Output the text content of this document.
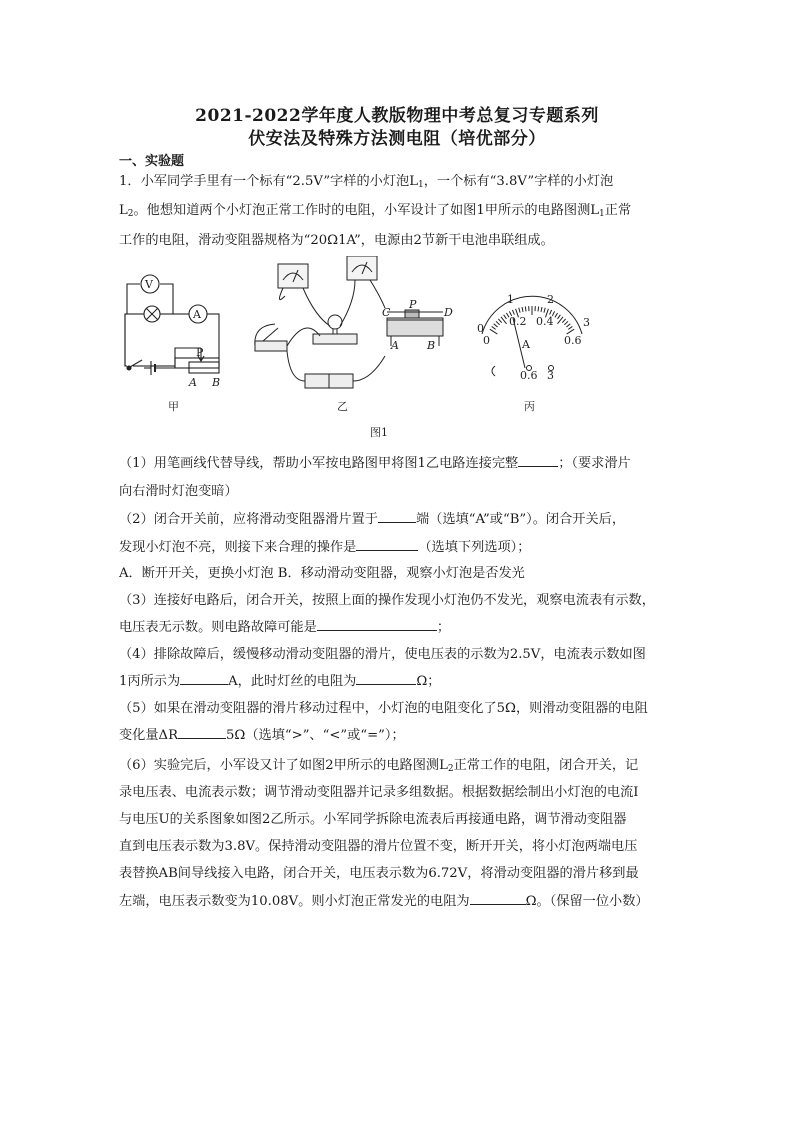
2021-2022学年度人教版物理中考总复习专题系列
伏安法及特殊方法测电阻（培优部分）
一、实验题
1．小军同学手里有一个标有“2.5V”字样的小灯泡$L_1$，一个标有“3.8V”字样的小灯泡
$L_2$。他想知道两个小灯泡正常工作时的电阻，小军设计了如图1甲所示的电路图测$L_1$正常
工作的电阻，滑动变阻器规格为“20Ω1A”，电源由2节新干电池串联组成。
V
A
P
A B
甲
C
P
D
A	B
乙
1	2
0
0.2 0.4
0.6
3
0	A
0.6 3
丙
图1
（1）用笔画线代替导线，帮助小军按电路图甲将图1乙电路连接完整	；（要求滑片
向右滑时灯泡变暗）
（2）闭合开关前，应将滑动变阻器滑片置于	端（选填“A”或“B”）。闭合开关后，
发现小灯泡不亮，则接下来合理的操作是	（选填下列选项）；
A．断开开关，更换小灯泡 B．移动滑动变阻器，观察小灯泡是否发光
（3）连接好电路后，闭合开关，按照上面的操作发现小灯泡仍不发光，观察电流表有示数，
电压表无示数。则电路故障可能是	；
（4）排除故障后，缓慢移动滑动变阻器的滑片，使电压表的示数为2.5V，电流表示数如图
1丙所示为	A，此时灯丝的电阻为	Ω；
（5）如果在滑动变阻器的滑片移动过程中，小灯泡的电阻变化了5Ω，则滑动变阻器的电阻
变化量ΔR	5Ω（选填“>”、“<”或“=”）；
（6）实验完后，小军设又计了如图2甲所示的电路图测$L_2$正常工作的电阻，闭合开关，记
录电压表、电流表示数；调节滑动变阻器并记录多组数据。根据数据绘制出小灯泡的电流I
与电压U的关系图象如图2乙所示。小军同学拆除电流表后再接通电路，调节滑动变阻器
直到电压表示数为3.8V。保持滑动变阻器的滑片位置不变，断开开关，将小灯泡两端电压
表替换AB间导线接入电路，闭合开关，电压表示数为6.72V，将滑动变阻器的滑片移到最
左端，电压表示数变为10.08V。则小灯泡正常发光的电阻为	Ω。（保留一位小数）
